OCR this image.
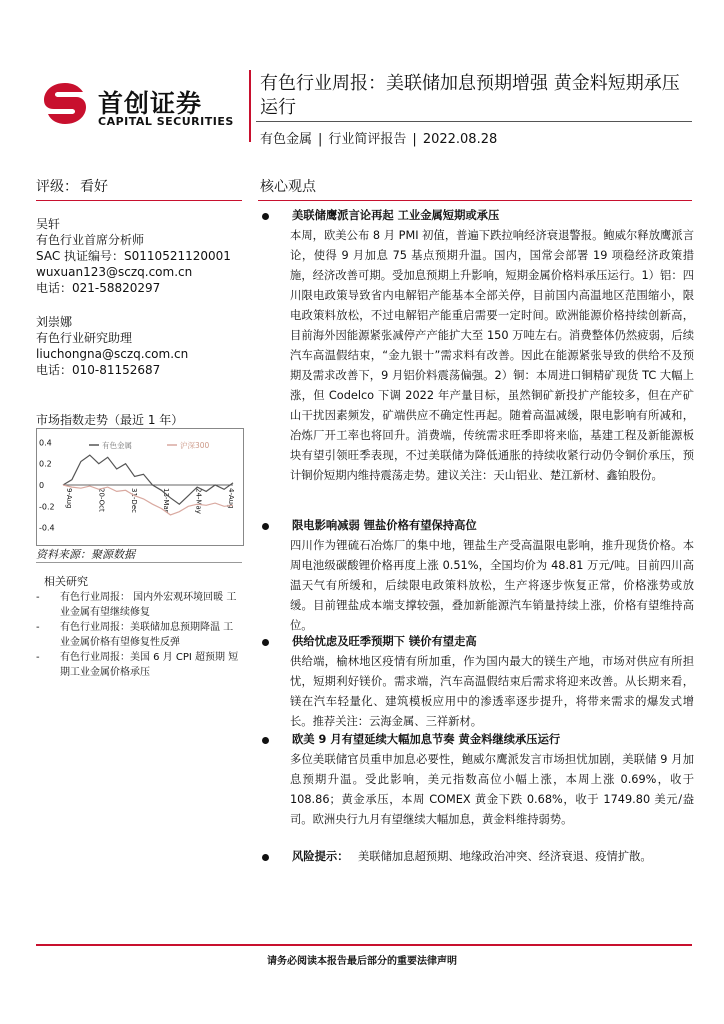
首创证券
CAPITAL SECURITIES
有色行业周报：美联储加息预期增强 黄金料短期承压运行
有色金属 | 行业简评报告 | 2022.08.28
评级： 看好	核心观点
吴轩
有色行业首席分析师
SAC 执证编号：S0110521120001
wuxuan123@sczq.com.cn
电话：021-58820297
刘崇娜
有色行业研究助理
liuchongna@sczq.com.cn
电话：010-81152687
市场指数走势（最近 1 年）
0.4
0.2
0
-0.2
-0.4
9-Aug	20-Oct	31-Dec	13-Mar	24-May	4-Aug
有色金属	沪深300
资料来源：聚源数据
相关研究
- 有色行业周报： 国内外宏观环境回暖 工业金属有望继续修复
- 有色行业周报：美联储加息预期降温 工业金属价格有望修复性反弹
- 有色行业周报：美国 6 月 CPI 超预期 短期工业金属价格承压
美联储鹰派言论再起 工业金属短期或承压
本周，欧美公布 8 月 PMI 初值，普遍下跌拉响经济衰退警报。鲍威尔释放鹰派言论，使得 9 月加息 75 基点预期升温。国内，国常会部署 19 项稳经济政策措施，经济改善可期。受加息预期上升影响，短期金属价格料承压运行。1）铝：四川限电政策导致省内电解铝产能基本全部关停，目前国内高温地区范围缩小，限电政策料放松，不过电解铝产能重启需要一定时间。欧洲能源价格持续创新高，目前海外因能源紧张减停产产能扩大至 150 万吨左右。消费整体仍然疲弱，后续汽车高温假结束，“金九银十”需求料有改善。因此在能源紧张导致的供给不及预期及需求改善下，9 月铝价料震荡偏强。2）铜：本周进口铜精矿现货 TC 大幅上涨，但 Codelco 下调 2022 年产量目标，虽然铜矿新投扩产能较多，但在产矿山干扰因素频发，矿端供应不确定性再起。随着高温减缓，限电影响有所减和，冶炼厂开工率也将回升。消费端，传统需求旺季即将来临，基建工程及新能源板块有望引领旺季表现，不过美联储为降低通胀的持续收紧行动仍令铜价承压，预计铜价短期内维持震荡走势。建议关注：天山铝业、楚江新材、鑫铂股份。
限电影响减弱 锂盐价格有望保持高位
四川作为锂硫石冶炼厂的集中地，锂盐生产受高温限电影响，推升现货价格。本周电池级碳酸锂价格再度上涨 0.51%，全国均价为 48.81 万元/吨。目前四川高温天气有所缓和，后续限电政策料放松，生产将逐步恢复正常，价格涨势或放缓。目前锂盐成本端支撑较强，叠加新能源汽车销量持续上涨，价格有望维持高位。
供给忧虑及旺季预期下 镁价有望走高
供给端，榆林地区疫情有所加重，作为国内最大的镁生产地，市场对供应有所担忧，短期利好镁价。需求端，汽车高温假结束后需求将迎来改善。从长期来看，镁在汽车轻量化、建筑模板应用中的渗透率逐步提升，将带来需求的爆发式增长。推荐关注：云海金属、三祥新材。
欧美 9 月有望延续大幅加息节奏 黄金料继续承压运行
多位美联储官员重申加息必要性，鲍威尔鹰派发言市场担忧加剧，美联储 9 月加息预期升温。受此影响，美元指数高位小幅上涨，本周上涨 0.69%，收于 108.86；黄金承压，本周 COMEX 黄金下跌 0.68%，收于 1749.80 美元/盎司。欧洲央行九月有望继续大幅加息，黄金料维持弱势。
风险提示： 美联储加息超预期、地缘政治冲突、经济衰退、疫情扩散。
请务必阅读本报告最后部分的重要法律声明
